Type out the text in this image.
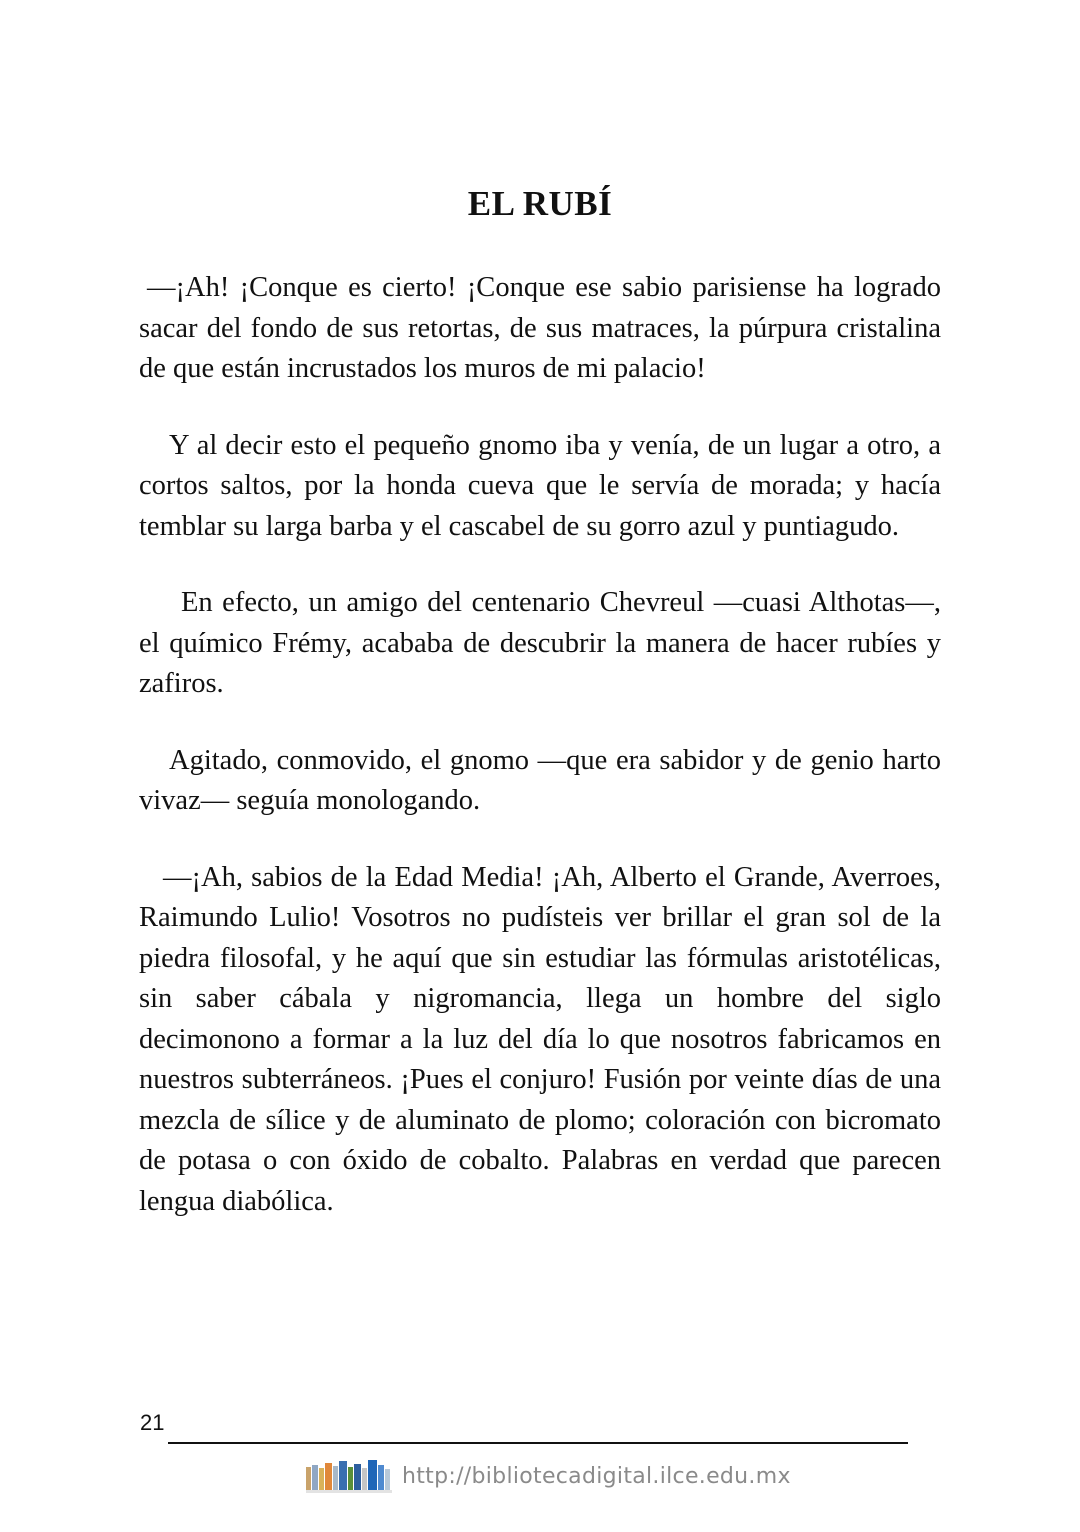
EL RUBÍ

—¡Ah! ¡Conque es cierto! ¡Conque ese sabio parisiense ha logrado sacar del fondo de sus retortas, de sus matraces, la púrpura cristalina de que están incrustados los muros de mi palacio!

Y al decir esto el pequeño gnomo iba y venía, de un lugar a otro, a cortos saltos, por la honda cueva que le servía de morada; y hacía temblar su larga barba y el cascabel de su gorro azul y puntiagudo.

En efecto, un amigo del centenario Chevreul —cuasi Althotas—, el químico Frémy, acababa de descubrir la manera de hacer rubíes y zafiros.

Agitado, conmovido, el gnomo —que era sabidor y de genio harto vivaz— seguía monologando.

—¡Ah, sabios de la Edad Media! ¡Ah, Alberto el Grande, Averroes, Raimundo Lulio! Vosotros no pudísteis ver brillar el gran sol de la piedra filosofal, y he aquí que sin estudiar las fórmulas aristotélicas, sin saber cábala y nigromancia, llega un hombre del siglo decimonono a formar a la luz del día lo que nosotros fabricamos en nuestros subterráneos. ¡Pues el conjuro! Fusión por veinte días de una mezcla de sílice y de aluminato de plomo; coloración con bicromato de potasa o con óxido de cobalto. Palabras en verdad que parecen lengua diabólica.

21
http://bibliotecadigital.ilce.edu.mx
